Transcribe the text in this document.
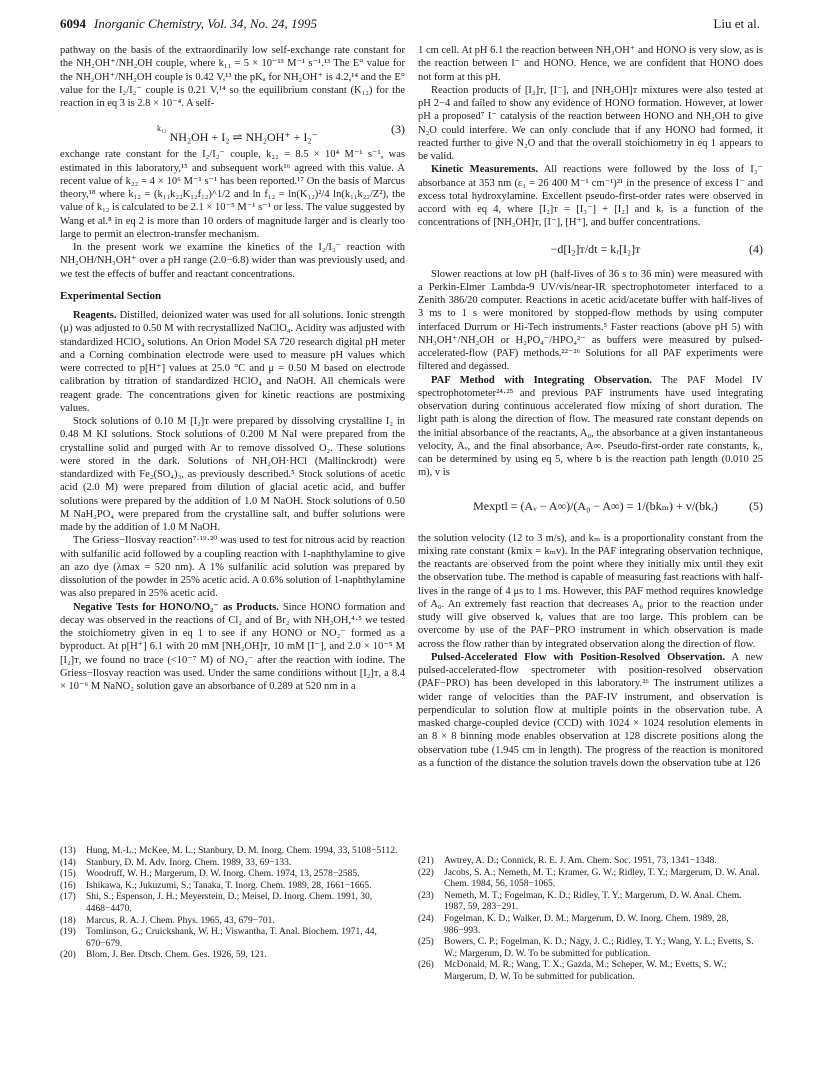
6094 Inorganic Chemistry, Vol. 34, No. 24, 1995	Liu et al.

pathway on the basis of the extraordinarily low self-exchange rate constant for the NH₂OH⁺/NH₂OH couple, where k₁₁ = 5 × 10⁻¹³ M⁻¹ s⁻¹.¹³ The E° value for the NH₂OH⁺/NH₂OH couple is 0.42 V,¹³ the pKₐ for NH₂OH⁺ is 4.2,¹⁴ and the E° value for the I₂/I₂⁻ couple is 0.21 V,¹⁴ so the equilibrium constant (K₁₂) for the reaction in eq 3 is 2.8 × 10⁻⁴. A self-

$^{k_{12}}$NH₂OH + I₂ ⇌ NH₂OH⁺ + I₂⁻
(3)

exchange rate constant for the I₂/I₂⁻ couple, k₂₂ = 8.5 × 10⁴ M⁻¹ s⁻¹, was estimated in this laboratory,¹⁵ and subsequent work¹⁶ agreed with this value. A recent value of k₂₂ = 4 × 10⁶ M⁻¹ s⁻¹ has been reported.¹⁷ On the basis of Marcus theory,¹⁸ where k₁₂ = (k₁₁k₂₂K₁₂f₁₂)^1/2 and ln f₁₂ = ln(K₁₂)²/4 ln(k₁₁k₂₂/Z²), the value of k₁₂ is calculated to be 2.1 × 10⁻⁵ M⁻¹ s⁻¹ or less. The value suggested by Wang et al.⁸ in eq 2 is more than 10 orders of magnitude larger and is clearly too large to permit an electron-transfer mechanism.

In the present work we examine the kinetics of the I₂/I₃⁻ reaction with NH₂OH/NH₃OH⁺ over a pH range (2.0−6.8) wider than was previously used, and we test the effects of buffer and reactant concentrations.

Experimental Section

Reagents. Distilled, deionized water was used for all solutions. Ionic strength (μ) was adjusted to 0.50 M with recrystallized NaClO₄. Acidity was adjusted with standardized HClO₄ solutions. An Orion Model SA 720 research digital pH meter and a Corning combination electrode were used to measure pH values which were corrected to p[H⁺] values at 25.0 °C and μ = 0.50 M based on electrode calibration by titration of standardized HClO₄ and NaOH. All chemicals were reagent grade. The concentrations given for kinetic reactions are postmixing values.

Stock solutions of 0.10 M [I₂]ᴛ were prepared by dissolving crystalline I₂ in 0.48 M KI solutions. Stock solutions of 0.200 M NaI were prepared from the crystalline solid and purged with Ar to remove dissolved O₂. These solutions were stored in the dark. Solutions of NH₂OH·HCl (Mallinckrodt) were standardized with Fe₂(SO₄)₃, as previously described.⁵ Stock solutions of acetic acid (2.0 M) were prepared from dilution of glacial acetic acid, and buffer solutions were prepared by the addition of 1.0 M NaOH. Stock solutions of 0.50 M NaH₂PO₄ were prepared from the crystalline salt, and buffer solutions were made by the addition of 1.0 M NaOH.

The Griess−Ilosvay reaction⁷·¹⁹·²⁰ was used to test for nitrous acid by reaction with sulfanilic acid followed by a coupling reaction with 1-naphthylamine to give an azo dye (λmax = 520 nm). A 1% sulfanilic acid solution was prepared by dissolution of the powder in 25% acetic acid. A 0.6% solution of 1-naphthylamine was also prepared in 25% acetic acid.

Negative Tests for HONO/NO₂⁻ as Products. Since HONO formation and decay was observed in the reactions of Cl₂ and of Br₂ with NH₂OH,⁴·⁵ we tested the stoichiometry given in eq 1 to see if any HONO or NO₂⁻ formed as a byproduct. At p[H⁺] 6.1 with 20 mM [NH₂OH]ᴛ, 10 mM [I⁻], and 2.0 × 10⁻⁵ M [I₂]ᴛ, we found no trace (<10⁻⁷ M) of NO₂⁻ after the reaction with iodine. The Griess−Ilosvay reaction was used. Under the same conditions without [I₂]ᴛ, a 8.4 × 10⁻⁶ M NaNO₂ solution gave an absorbance of 0.289 at 520 nm in a

1 cm cell. At pH 6.1 the reaction between NH₃OH⁺ and HONO is very slow, as is the reaction between I⁻ and HONO. Hence, we are confident that HONO does not form at this pH.

Reaction products of [I₂]ᴛ, [I⁻], and [NH₂OH]ᴛ mixtures were also tested at pH 2−4 and failed to show any evidence of HONO formation. However, at lower pH a proposed⁷ I⁻ catalysis of the reaction between HONO and NH₂OH to give N₂O could interfere. We can only conclude that if any HONO had formed, it reacted further to give N₂O and that the overall stoichiometry in eq 1 appears to be valid.

Kinetic Measurements. All reactions were followed by the loss of I₃⁻ absorbance at 353 nm (ε₁ = 26 400 M⁻¹ cm⁻¹)²¹ in the presence of excess I⁻ and excess total hydroxylamine. Excellent pseudo-first-order rates were observed in accord with eq 4, where [I₂]ᴛ = [I₃⁻] + [I₂] and kᵣ is a function of the concentrations of [NH₂OH]ᴛ, [I⁻], [H⁺], and buffer concentrations.

−d[I₂]ᴛ/dt = kᵣ[I₂]ᴛ	(4)

Slower reactions at low pH (half-lives of 36 s to 36 min) were measured with a Perkin-Elmer Lambda-9 UV/vis/near-IR spectrophotometer interfaced to a Zenith 386/20 computer. Reactions in acetic acid/acetate buffer with half-lives of 3 ms to 1 s were monitored by stopped-flow methods by using computer interfaced Durrum or Hi-Tech instruments.⁵ Faster reactions (above pH 5) with NH₃OH⁺/NH₂OH or H₂PO₄⁻/HPO₄²⁻ as buffers were measured by pulsed-accelerated-flow (PAF) methods.²²⁻²⁶ Solutions for all PAF experiments were filtered and degassed.

PAF Method with Integrating Observation. The PAF Model IV spectrophotometer²⁴·²⁵ and previous PAF instruments have used integrating observation during continuous accelerated flow mixing of short duration. The light path is along the direction of flow. The measured rate constant depends on the initial absorbance of the reactants, A₀, the absorbance at a given instantaneous velocity, Aᵥ, and the final absorbance, A∞. Pseudo-first-order rate constants, kᵣ, can be determined by using eq 5, where b is the reaction path length (0.010 25 m), v is

Mexptl = (Aᵥ − A∞)/(A₀ − A∞) = 1/(bkₘ) + v/(bkᵣ)	(5)

the solution velocity (12 to 3 m/s), and kₘ is a proportionality constant from the mixing rate constant (kmix = kₘv). In the PAF integrating observation technique, the reactants are observed from the point where they initially mix until they exit the observation tube. The method is capable of measuring fast reactions with half-lives in the range of 4 μs to 1 ms. However, this PAF method requires knowledge of A₀. An extremely fast reaction that decreases A₀ prior to the reaction under study will give observed kᵣ values that are too large. This problem can be overcome by use of the PAF−PRO instrument in which observation is made across the flow rather than by integrated observation along the direction of flow.

Pulsed-Accelerated Flow with Position-Resolved Observation. A new pulsed-accelerated-flow spectrometer with position-resolved observation (PAF−PRO) has been developed in this laboratory.²⁶ The instrument utilizes a wider range of velocities than the PAF-IV instrument, and observation is perpendicular to solution flow at multiple points in the observation tube. A masked charge-coupled device (CCD) with 1024 × 1024 resolution elements in an 8 × 8 binning mode enables observation at 128 discrete positions along the observation tube (1.945 cm in length). The progress of the reaction is monitored as a function of the distance the solution travels down the observation tube at 126

(13) Hung, M.-L.; McKee, M. L.; Stanbury, D. M. Inorg. Chem. 1994, 33, 5108−5112.

(14) Stanbury, D. M. Adv. Inorg. Chem. 1989, 33, 69−133.

(15) Woodruff, W. H.; Margerum, D. W. Inorg. Chem. 1974, 13, 2578−2585.

(16) Ishikawa, K.; Jukuzumi, S.; Tanaka, T. Inorg. Chem. 1989, 28, 1661−1665.

(17) Shi, S.; Espenson, J. H.; Meyerstein, D.; Meisel, D. Inorg. Chem. 1991, 30, 4468−4470.

(18) Marcus, R. A. J. Chem. Phys. 1965, 43, 679−701.

(19) Tomlinson, G.; Cruickshank, W. H.; Viswantha, T. Anal. Biochem. 1971, 44, 670−679.

(20) Blom, J. Ber. Dtsch. Chem. Ges. 1926, 59, 121.

(21) Awtrey, A. D.; Connick, R. E. J. Am. Chem. Soc. 1951, 73, 1341−1348.

(22) Jacobs, S. A.; Nemeth, M. T.; Kramer, G. W.; Ridley, T. Y.; Margerum, D. W. Anal. Chem. 1984, 56, 1058−1065.

(23) Nemeth, M. T.; Fogelman, K. D.; Ridley, T. Y.; Margerum, D. W. Anal. Chem. 1987, 59, 283−291.

(24) Fogelman, K. D.; Walker, D. M.; Margerum, D. W. Inorg. Chem. 1989, 28, 986−993.

(25) Bowers, C. P.; Fogelman, K. D.; Nagy, J. C.; Ridley, T. Y.; Wang, Y. L.; Evetts, S. W.; Margerum, D. W. To be submitted for publication.

(26) McDonald, M. R.; Wang, T. X.; Gazda, M.; Scheper, W. M.; Evetts, S. W.; Margerum, D. W. To be submitted for publication.
